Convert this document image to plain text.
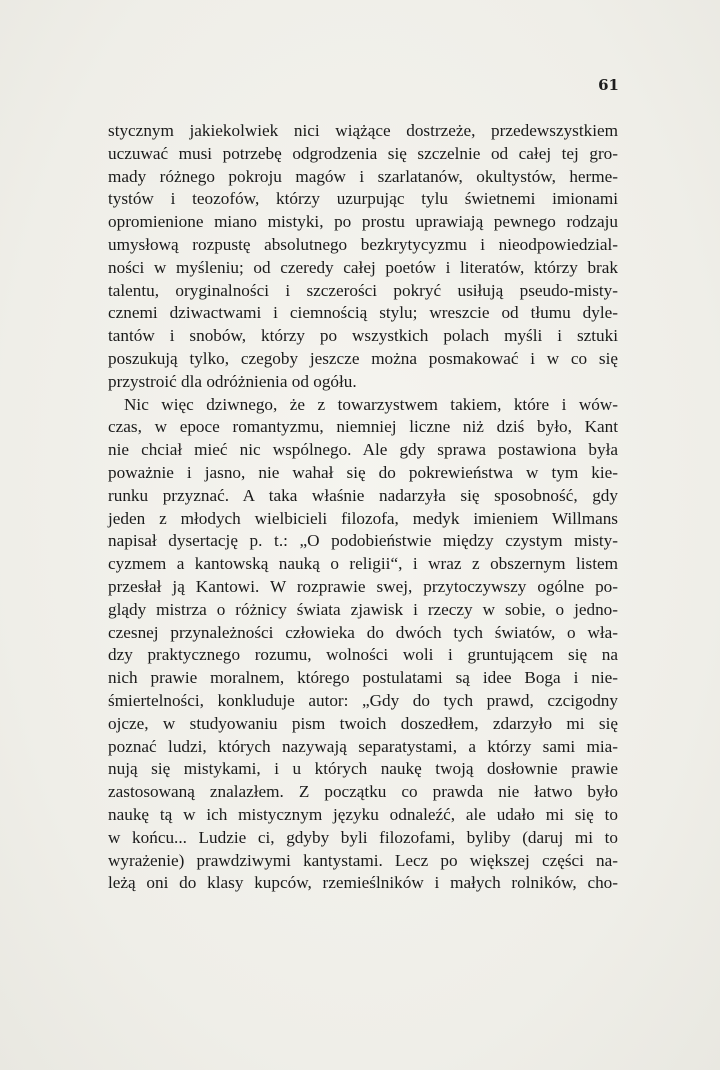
61
stycznym jakiekolwiek nici wiążące dostrzeże, przedewszystkiem
uczuwać musi potrzebę odgrodzenia się szczelnie od całej tej gro-
mady różnego pokroju magów i szarlatanów, okultystów, herme-
tystów i teozofów, którzy uzurpując tylu świetnemi imionami
opromienione miano mistyki, po prostu uprawiają pewnego rodzaju
umysłową rozpustę absolutnego bezkrytycyzmu i nieodpowiedzial-
ności w myśleniu; od czeredy całej poetów i literatów, którzy brak
talentu, oryginalności i szczerości pokryć usiłują pseudo-misty-
cznemi dziwactwami i ciemnością stylu; wreszcie od tłumu dyle-
tantów i snobów, którzy po wszystkich polach myśli i sztuki
poszukują tylko, czegoby jeszcze można posmakować i w co się
przystroić dla odróżnienia od ogółu.
Nic więc dziwnego, że z towarzystwem takiem, które i wów-
czas, w epoce romantyzmu, niemniej liczne niż dziś było, Kant
nie chciał mieć nic wspólnego. Ale gdy sprawa postawiona była
poważnie i jasno, nie wahał się do pokrewieństwa w tym kie-
runku przyznać. A taka właśnie nadarzyła się sposobność, gdy
jeden z młodych wielbicieli filozofa, medyk imieniem Willmans
napisał dysertację p. t.: „O podobieństwie między czystym misty-
cyzmem a kantowską nauką o religii“, i wraz z obszernym listem
przesłał ją Kantowi. W rozprawie swej, przytoczywszy ogólne po-
glądy mistrza o różnicy świata zjawisk i rzeczy w sobie, o jedno-
czesnej przynależności człowieka do dwóch tych światów, o wła-
dzy praktycznego rozumu, wolności woli i gruntującem się na
nich prawie moralnem, którego postulatami są idee Boga i nie-
śmiertelności, konkluduje autor: „Gdy do tych prawd, czcigodny
ojcze, w studyowaniu pism twoich doszedłem, zdarzyło mi się
poznać ludzi, których nazywają separatystami, a którzy sami mia-
nują się mistykami, i u których naukę twoją dosłownie prawie
zastosowaną znalazłem. Z początku co prawda nie łatwo było
naukę tą w ich mistycznym języku odnaleźć, ale udało mi się to
w końcu... Ludzie ci, gdyby byli filozofami, byliby (daruj mi to
wyrażenie) prawdziwymi kantystami. Lecz po większej części na-
leżą oni do klasy kupców, rzemieślników i małych rolników, cho-
